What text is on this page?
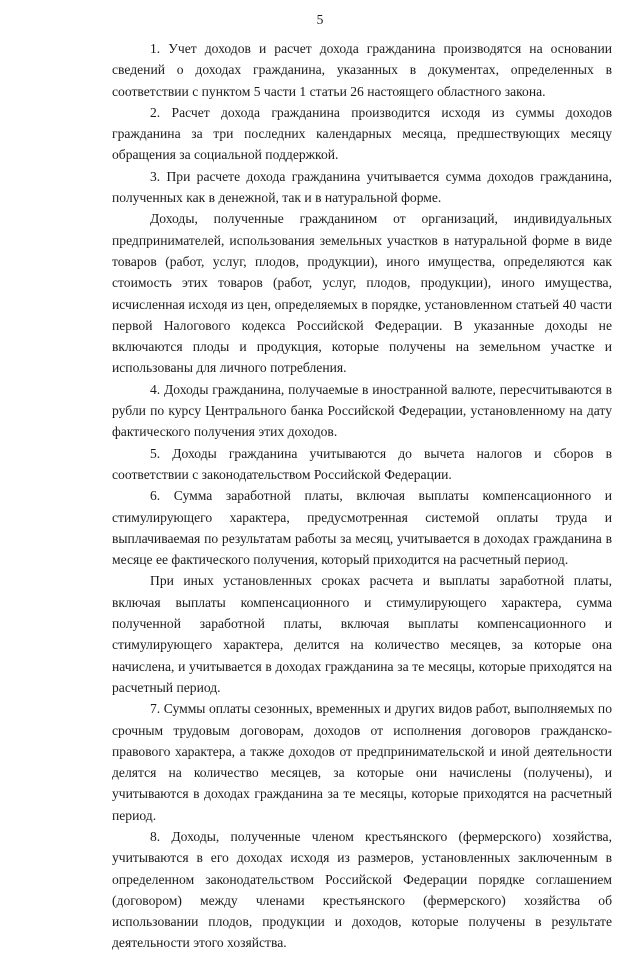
5

1. Учет доходов и расчет дохода гражданина производятся на основании сведений о доходах гражданина, указанных в документах, определенных в соответствии с пунктом 5 части 1 статьи 26 настоящего областного закона.

2. Расчет дохода гражданина производится исходя из суммы доходов гражданина за три последних календарных месяца, предшествующих месяцу обращения за социальной поддержкой.

3. При расчете дохода гражданина учитывается сумма доходов гражданина, полученных как в денежной, так и в натуральной форме.

Доходы, полученные гражданином от организаций, индивидуальных предпринимателей, использования земельных участков в натуральной форме в виде товаров (работ, услуг, плодов, продукции), иного имущества, определяются как стоимость этих товаров (работ, услуг, плодов, продукции), иного имущества, исчисленная исходя из цен, определяемых в порядке, установленном статьей 40 части первой Налогового кодекса Российской Федерации. В указанные доходы не включаются плоды и продукция, которые получены на земельном участке и использованы для личного потребления.

4. Доходы гражданина, получаемые в иностранной валюте, пересчитываются в рубли по курсу Центрального банка Российской Федерации, установленному на дату фактического получения этих доходов.

5. Доходы гражданина учитываются до вычета налогов и сборов в соответствии с законодательством Российской Федерации.

6. Сумма заработной платы, включая выплаты компенсационного и стимулирующего характера, предусмотренная системой оплаты труда и выплачиваемая по результатам работы за месяц, учитывается в доходах гражданина в месяце ее фактического получения, который приходится на расчетный период.

При иных установленных сроках расчета и выплаты заработной платы, включая выплаты компенсационного и стимулирующего характера, сумма полученной заработной платы, включая выплаты компенсационного и стимулирующего характера, делится на количество месяцев, за которые она начислена, и учитывается в доходах гражданина за те месяцы, которые приходятся на расчетный период.

7. Суммы оплаты сезонных, временных и других видов работ, выполняемых по срочным трудовым договорам, доходов от исполнения договоров гражданско-правового характера, а также доходов от предпринимательской и иной деятельности делятся на количество месяцев, за которые они начислены (получены), и учитываются в доходах гражданина за те месяцы, которые приходятся на расчетный период.

8. Доходы, полученные членом крестьянского (фермерского) хозяйства, учитываются в его доходах исходя из размеров, установленных заключенным в определенном законодательством Российской Федерации порядке соглашением (договором) между членами крестьянского (фермерского) хозяйства об использовании плодов, продукции и доходов, которые получены в результате деятельности этого хозяйства.
